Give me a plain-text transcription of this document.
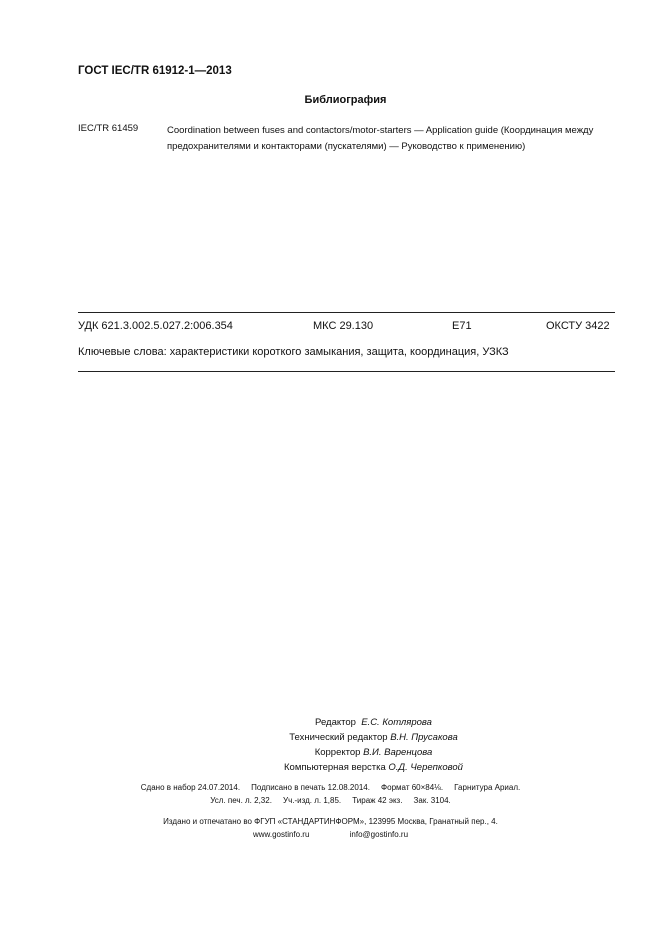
ГОСТ IEC/TR 61912-1—2013
Библиография
IEC/TR 61459	Coordination between fuses and contactors/motor-starters — Application guide (Координация между предохранителями и контакторами (пускателями) — Руководство к применению)
УДК 621.3.002.5.027.2:006.354	МКС 29.130	Е71	ОКСТУ 3422
Ключевые слова: характеристики короткого замыкания, защита, координация, УЗКЗ
Редактор Е.С. Котлярова
Технический редактор В.Н. Прусакова
Корректор В.И. Варенцова
Компьютерная верстка О.Д. Черепковой
Сдано в набор 24.07.2014.     Подписано в печать 12.08.2014.     Формат 60×84⅛.     Гарнитура Ариал.
Усл. печ. л. 2,32.     Уч.-изд. л. 1,85.     Тираж 42 экз.     Зак. 3104.
Издано и отпечатано во ФГУП «СТАНДАРТИНФОРМ», 123995 Москва, Гранатный пер., 4.
www.gostinfo.ru	info@gostinfo.ru
